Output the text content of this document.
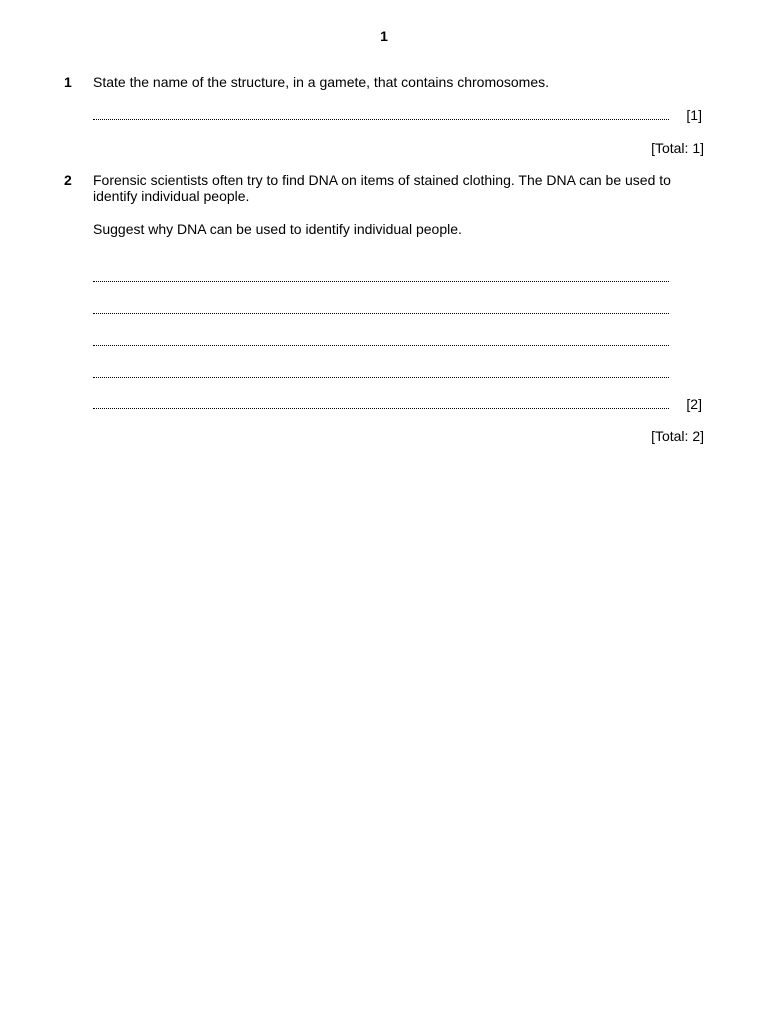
1
1 State the name of the structure, in a gamete, that contains chromosomes.
[1]
[Total: 1]
2 Forensic scientists often try to find DNA on items of stained clothing. The DNA can be used to identify individual people.
Suggest why DNA can be used to identify individual people.
[2]
[Total: 2]
